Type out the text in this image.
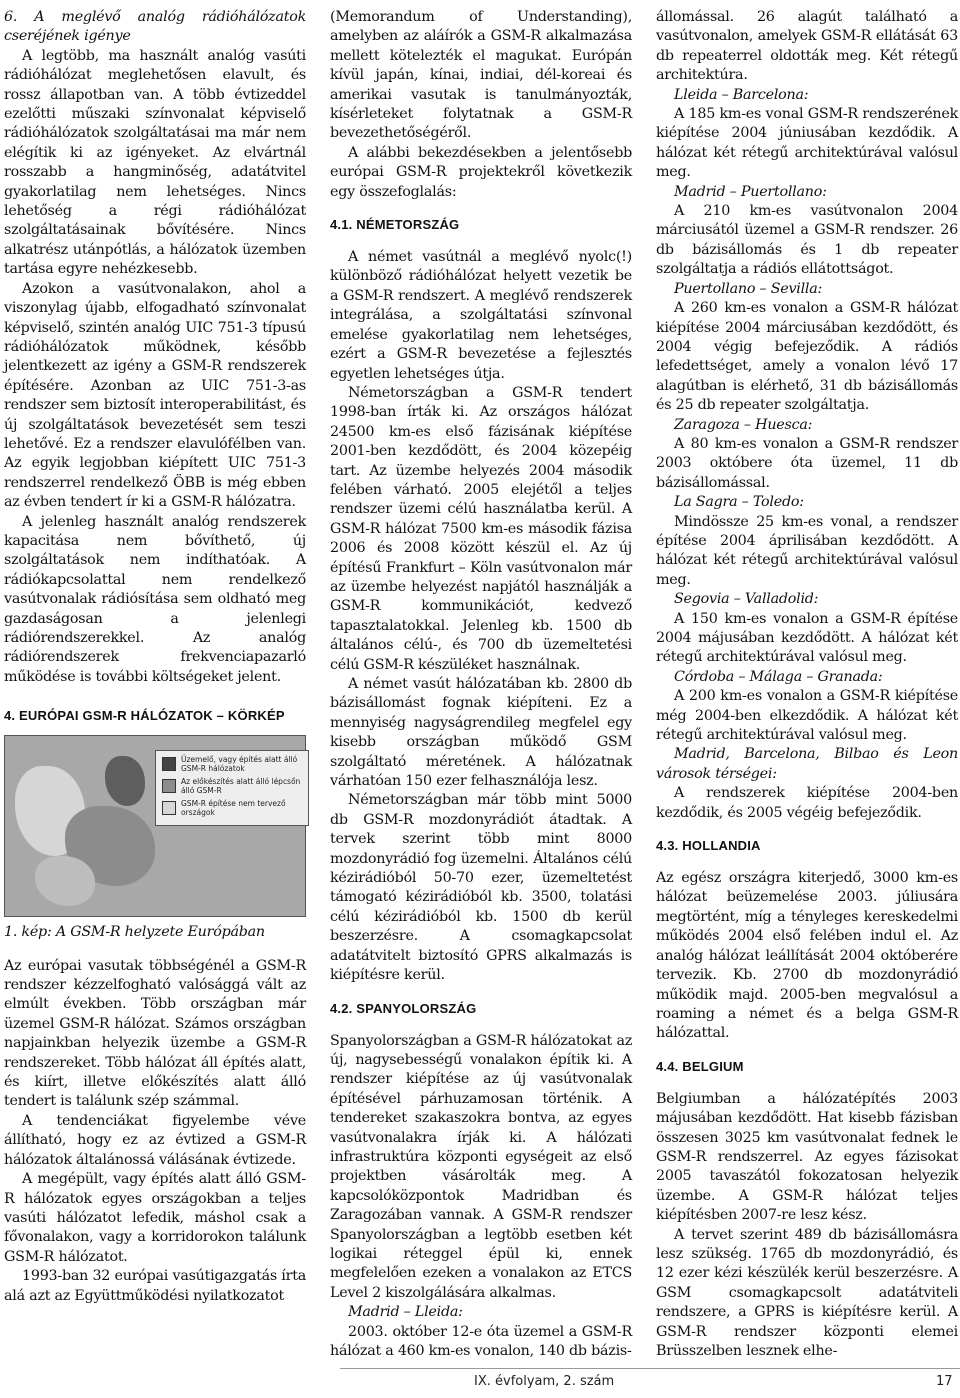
6. A meglévő analóg rádióhálózatok cseréjének igénye

A legtöbb, ma használt analóg vasúti rádióhálózat meglehetősen elavult, és rossz állapotban van. A több évtizeddel ezelőtti műszaki színvonalat képviselő rádióhálózatok szolgáltatásai ma már nem elégítik ki az igényeket. Az elvártnál rosszabb a hangminőség, adatátvitel gyakorlatilag nem lehetséges. Nincs lehetőség a régi rádióhálózat szolgáltatásainak bővítésére. Nincs alkatrész utánpótlás, a hálózatok üzemben tartása egyre nehézkesebb.

Azokon a vasútvonalakon, ahol a viszonylag újabb, elfogadható színvonalat képviselő, szintén analóg UIC 751-3 típusú rádióhálózatok működnek, később jelentkezett az igény a GSM-R rendszerek építésére. Azonban az UIC 751-3-as rendszer sem biztosít interoperabilitást, és új szolgáltatások bevezetését sem teszi lehetővé. Ez a rendszer elavulófélben van. Az egyik legjobban kiépített UIC 751-3 rendszerrel rendelkező ÖBB is még ebben az évben tendert ír ki a GSM-R hálózatra.

A jelenleg használt analóg rendszerek kapacitása nem bővíthető, új szolgáltatások nem indíthatóak. A rádiókapcsolattal nem rendelkező vasútvonalak rádiósítása sem oldható meg gazdaságosan a jelenlegi rádiórendszerekkel. Az analóg rádiórendszerek frekvenciapazarló működése is további költségeket jelent.

4. EURÓPAI GSM-R HÁLÓZATOK – KÖRKÉP

Üzemelő, vagy építés alatt álló GSM-R hálózatok
Az előkészítés alatt álló lépcsőn álló GSM-R
GSM-R építése nem tervező országok

1. kép: A GSM-R helyzete Európában

Az európai vasutak többségénél a GSM-R rendszer kézzelfogható valósággá vált az elmúlt években. Több országban már üzemel GSM-R hálózat. Számos országban napjainkban helyezik üzembe a GSM-R rendszereket. Több hálózat áll építés alatt, és kiírt, illetve előkészítés alatt álló tendert is találunk szép számmal.

A tendenciákat figyelembe véve állítható, hogy ez az évtized a GSM-R hálózatok általánossá válásának évtizede.

A megépült, vagy építés alatt álló GSM-R hálózatok egyes országokban a teljes vasúti hálózatot lefedik, máshol csak a fővonalakon, vagy a korridorokon találunk GSM-R hálózatot.

1993-ban 32 európai vasútigazgatás írta alá azt az Együttműködési nyilatkozatot

(Memorandum of Understanding), amelyben az aláírók a GSM-R alkalmazása mellett kötelezték el magukat. Európán kívül japán, kínai, indiai, dél-koreai és amerikai vasutak is tanulmányozták, kísérleteket folytatnak a GSM-R bevezethetőségéről.

A alábbi bekezdésekben a jelentősebb európai GSM-R projektekről következik egy összefoglalás:

4.1. NÉMETORSZÁG

A német vasútnál a meglévő nyolc(!) különböző rádióhálózat helyett vezetik be a GSM-R rendszert. A meglévő rendszerek integrálása, a szolgáltatási színvonal emelése gyakorlatilag nem lehetséges, ezért a GSM-R bevezetése a fejlesztés egyetlen lehetséges útja.

Németországban a GSM-R tendert 1998-ban írták ki. Az országos hálózat 24500 km-es első fázisának kiépítése 2001-ben kezdődött, és 2004 közepéig tart. Az üzembe helyezés 2004 második felében várható. 2005 elejétől a teljes rendszer üzemi célú használatba kerül. A GSM-R hálózat 7500 km-es második fázisa 2006 és 2008 között készül el. Az új építésű Frankfurt – Köln vasútvonalon már az üzembe helyezést napjától használják a GSM-R kommunikációt, kedvező tapasztalatokkal. Jelenleg kb. 1500 db általános célú-, és 700 db üzemeltetési célú GSM-R készüléket használnak.

A német vasút hálózatában kb. 2800 db bázisállomást fognak kiépíteni. Ez a mennyiség nagyságrendileg megfelel egy kisebb országban működő GSM szolgáltató méretének. A hálózatnak várhatóan 150 ezer felhasználója lesz.

Németországban már több mint 5000 db GSM-R mozdonyrádiót átadtak. A tervek szerint több mint 8000 mozdonyrádió fog üzemelni. Általános célú kézirádióból 50-70 ezer, üzemeltetést támogató kézirádióból kb. 3500, tolatási célú kézirádióból kb. 1500 db kerül beszerzésre. A csomagkapcsolat adatátvitelt biztosító GPRS alkalmazás is kiépítésre kerül.

4.2. SPANYOLORSZÁG

Spanyolországban a GSM-R hálózatokat az új, nagysebességű vonalakon építik ki. A rendszer kiépítése az új vasútvonalak építésével párhuzamosan történik. A tendereket szakaszokra bontva, az egyes vasútvonalakra írják ki. A hálózati infrastruktúra központi egységeit az első projektben vásárolták meg. A kapcsolóközpontok Madridban és Zaragozában vannak. A GSM-R rendszer Spanyolországban a legtöbb esetben két logikai réteggel épül ki, ennek megfelelően ezeken a vonalakon az ETCS Level 2 kiszolgálására alkalmas.

Madrid – Lleida:

2003. október 12-e óta üzemel a GSM-R hálózat a 460 km-es vonalon, 140 db bázis-

állomással. 26 alagút található a vasútvonalon, amelyek GSM-R ellátását 63 db repeaterrel oldották meg. Két rétegű architektúra.

Lleida – Barcelona:

A 185 km-es vonal GSM-R rendszerének kiépítése 2004 júniusában kezdődik. A hálózat két rétegű architektúrával valósul meg.

Madrid – Puertollano:

A 210 km-es vasútvonalon 2004 márciusától üzemel a GSM-R rendszer. 26 db bázisállomás és 1 db repeater szolgáltatja a rádiós ellátottságot.

Puertollano – Sevilla:

A 260 km-es vonalon a GSM-R hálózat kiépítése 2004 márciusában kezdődött, és 2004 végig befejeződik. A rádiós lefedettséget, amely a vonalon lévő 17 alagútban is elérhető, 31 db bázisállomás és 25 db repeater szolgáltatja.

Zaragoza – Huesca:

A 80 km-es vonalon a GSM-R rendszer 2003 októbere óta üzemel, 11 db bázisállomással.

La Sagra – Toledo:

Mindössze 25 km-es vonal, a rendszer építése 2004 áprilisában kezdődött. A hálózat két rétegű architektúrával valósul meg.

Segovia – Valladolid:

A 150 km-es vonalon a GSM-R építése 2004 májusában kezdődött. A hálózat két rétegű architektúrával valósul meg.

Córdoba – Málaga – Granada:

A 200 km-es vonalon a GSM-R kiépítése még 2004-ben elkezdődik. A hálózat két rétegű architektúrával valósul meg.

Madrid, Barcelona, Bilbao és Leon városok térségei:

A rendszerek kiépítése 2004-ben kezdődik, és 2005 végéig befejeződik.

4.3. HOLLANDIA

Az egész országra kiterjedő, 3000 km-es hálózat beüzemelése 2003. júliusára megtörtént, míg a tényleges kereskedelmi működés 2004 első felében indul el. Az analóg hálózat leállítását 2004 októberére tervezik. Kb. 2700 db mozdonyrádió működik majd. 2005-ben megvalósul a roaming a német és a belga GSM-R hálózattal.

4.4. BELGIUM

Belgiumban a hálózatépítés 2003 májusában kezdődött. Hat kisebb fázisban összesen 3025 km vasútvonalat fednek le GSM-R rendszerrel. Az egyes fázisokat 2005 tavaszától fokozatosan helyezik üzembe. A GSM-R hálózat teljes kiépítésben 2007-re lesz kész.

A tervet szerint 489 db bázisállomásra lesz szükség. 1765 db mozdonyrádió, és 12 ezer kézi készülék kerül beszerzésre. A GSM csomagkapcsolt adatátviteli rendszere, a GPRS is kiépítésre kerül. A GSM-R rendszer központi elemei Brüsszelben lesznek elhe-

IX. évfolyam, 2. szám	17
